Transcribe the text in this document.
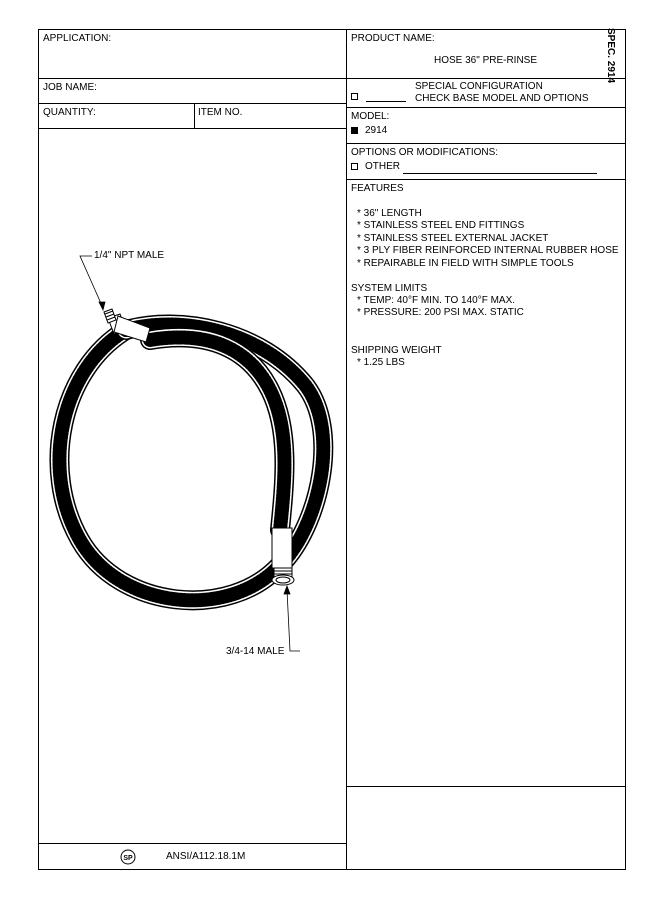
SPEC. 2914
APPLICATION:
JOB NAME:
QUANTITY:	ITEM NO.
PRODUCT NAME:
HOSE 36" PRE-RINSE
SPECIAL CONFIGURATION
CHECK BASE MODEL AND OPTIONS
MODEL:
2914
OPTIONS OR MODIFICATIONS:
OTHER
FEATURES
* 36" LENGTH
* STAINLESS STEEL END FITTINGS
* STAINLESS STEEL EXTERNAL JACKET
* 3 PLY FIBER REINFORCED INTERNAL RUBBER HOSE
* REPAIRABLE IN FIELD WITH SIMPLE TOOLS
SYSTEM LIMITS
* TEMP: 40°F MIN. TO 140°F MAX.
* PRESSURE: 200 PSI MAX. STATIC
SHIPPING WEIGHT
* 1.25 LBS
1/4" NPT MALE
3/4-14 MALE
SP	ANSI/A112.18.1M
